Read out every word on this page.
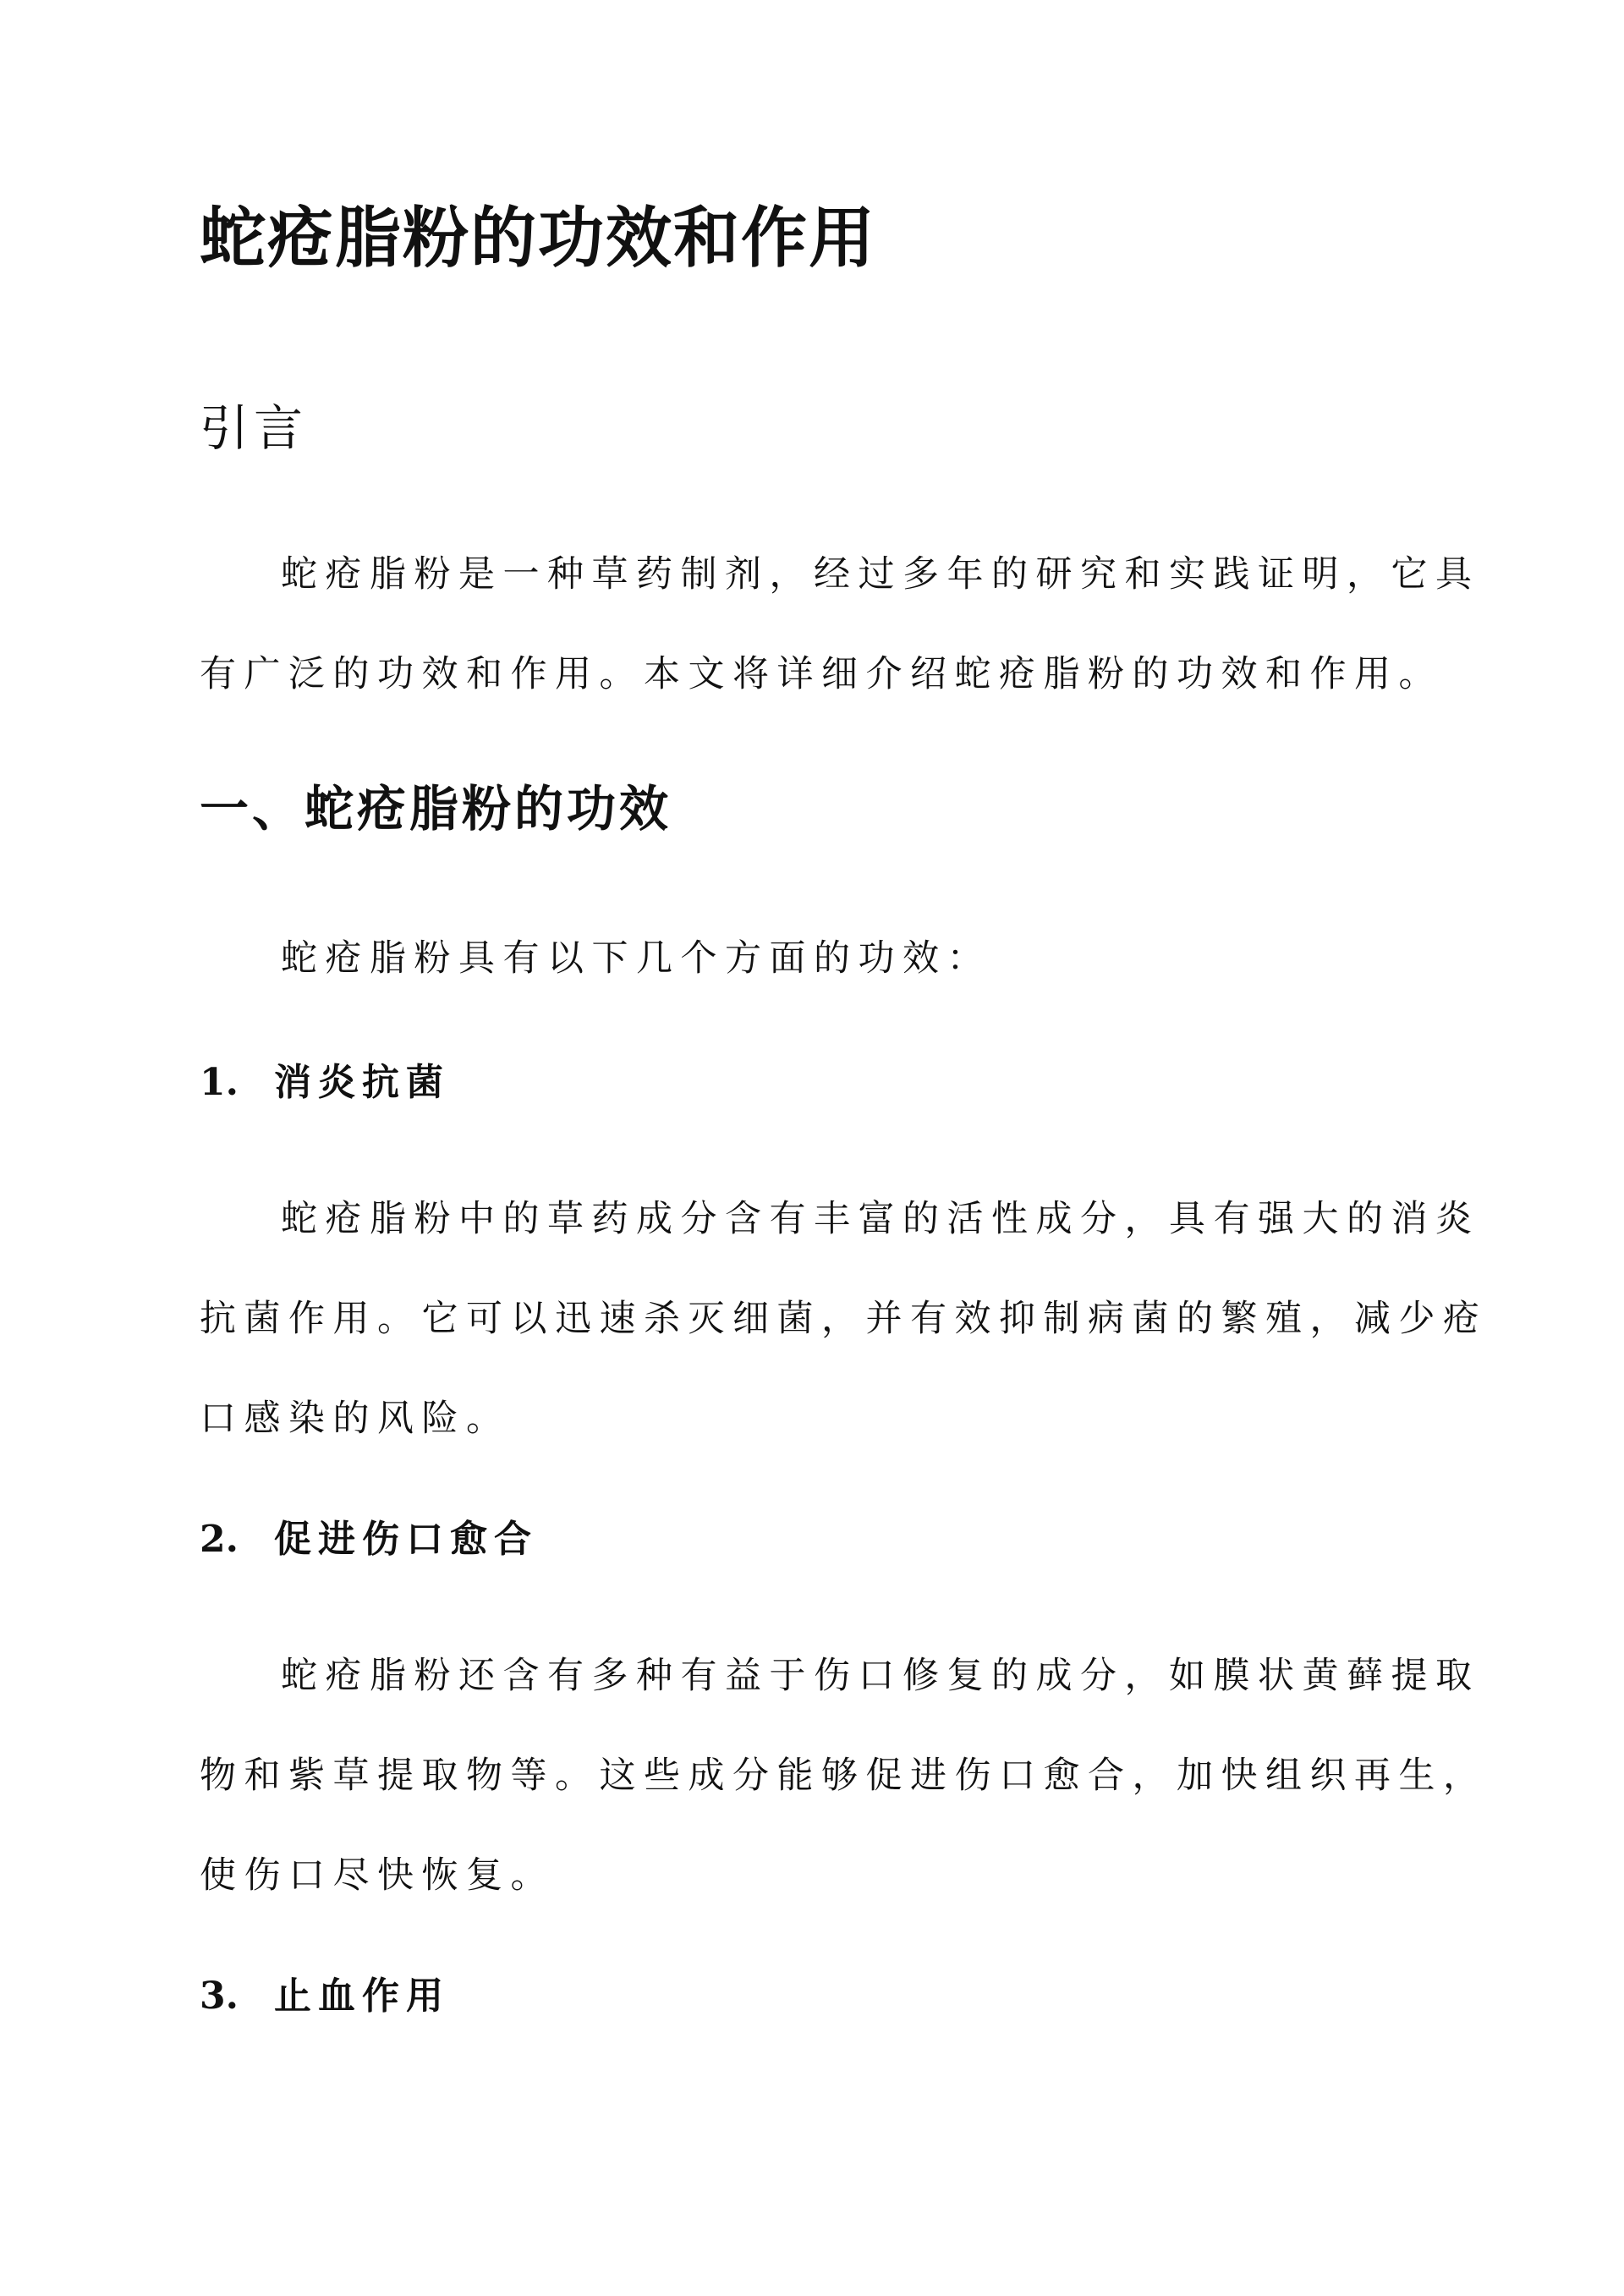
蛇疮脂粉的功效和作用
引言

蛇疮脂粉是一种草药制剂，经过多年的研究和实践证明，它具
有广泛的功效和作用。本文将详细介绍蛇疮脂粉的功效和作用。

一、蛇疮脂粉的功效

蛇疮脂粉具有以下几个方面的功效：

1. 消炎抗菌

蛇疮脂粉中的草药成分含有丰富的活性成分，具有强大的消炎
抗菌作用。它可以迅速杀灭细菌，并有效抑制病菌的繁殖，减少疮
口感染的风险。

2. 促进伤口愈合

蛇疮脂粉还含有多种有益于伤口修复的成分，如膜状黄藓提取
物和紫草提取物等。这些成分能够促进伤口愈合，加快组织再生，
使伤口尽快恢复。

3. 止血作用
